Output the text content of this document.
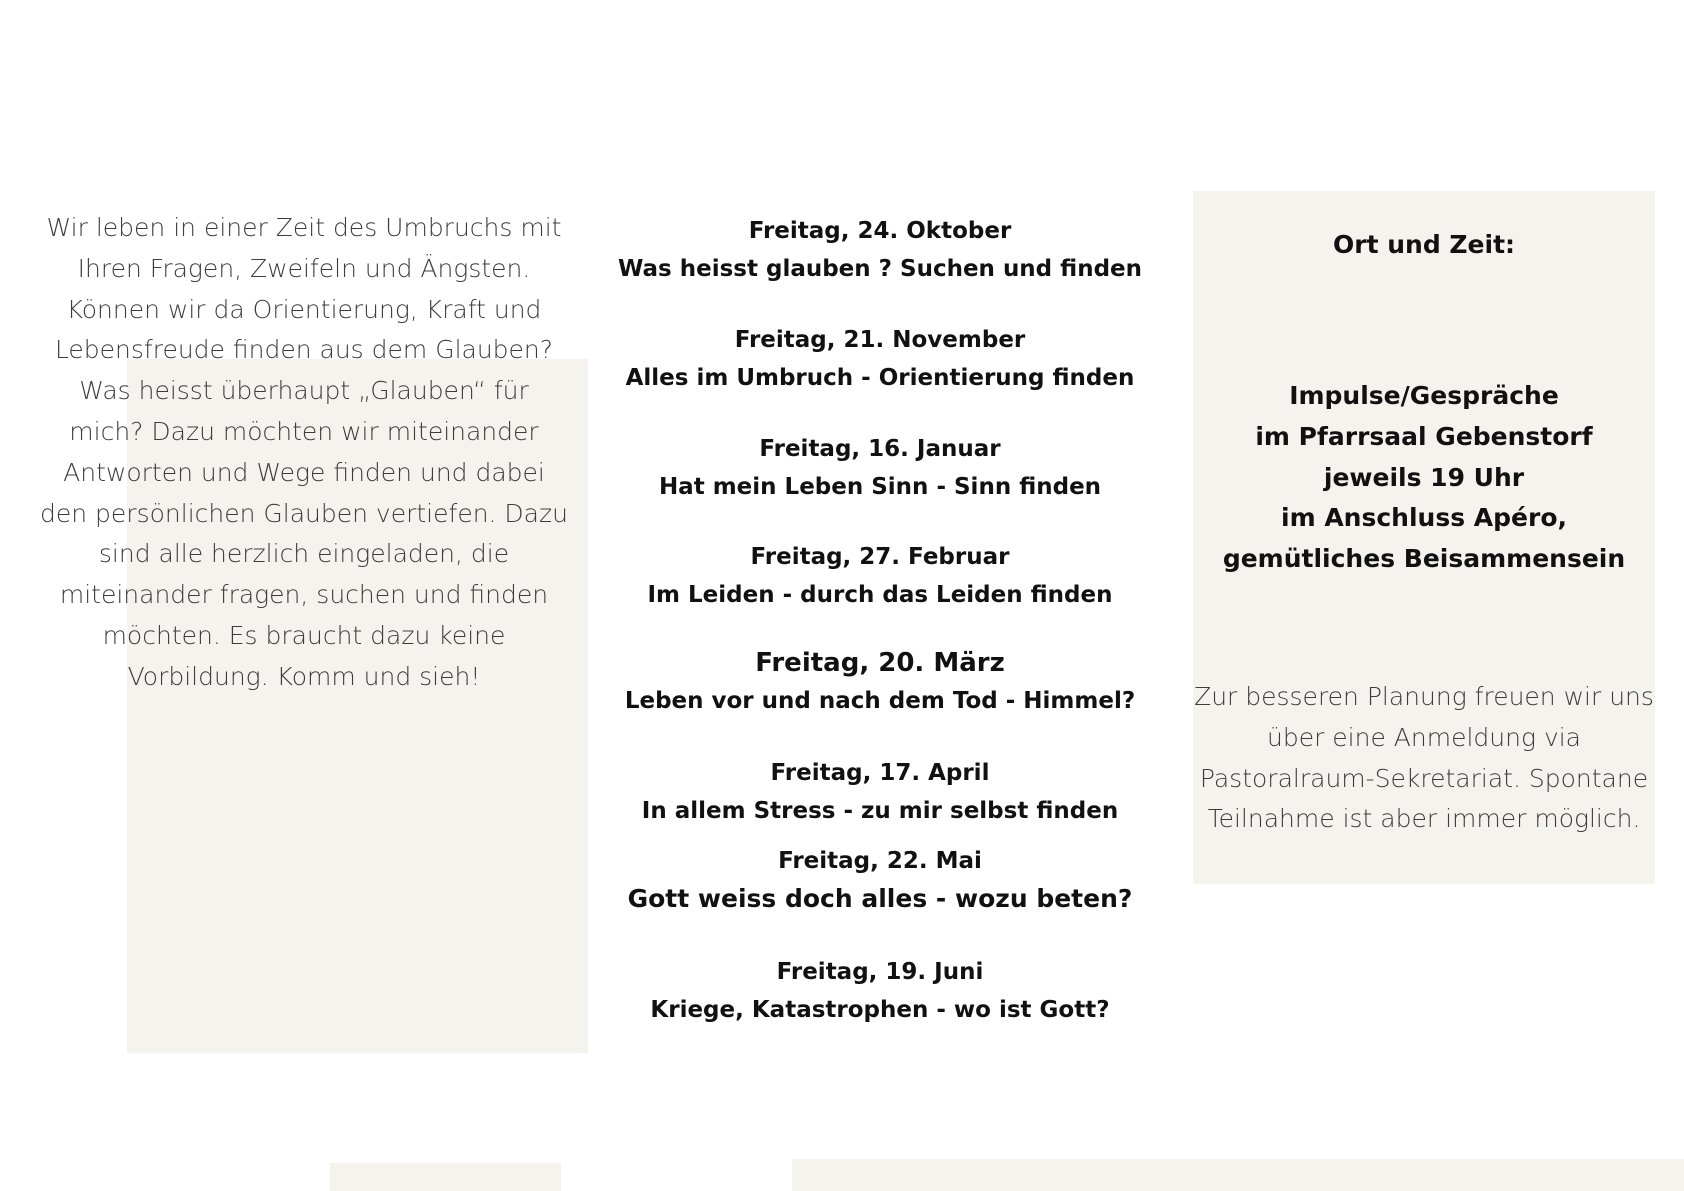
Wir leben in einer Zeit des Umbruchs mit Ihren Fragen, Zweifeln und Ängsten. Können wir da Orientierung, Kraft und Lebensfreude finden aus dem Glauben? Was heisst überhaupt „Glauben“ für mich? Dazu möchten wir miteinander Antworten und Wege finden und dabei den persönlichen Glauben vertiefen. Dazu sind alle herzlich eingeladen, die miteinander fragen, suchen und finden möchten. Es braucht dazu keine Vorbildung. Komm und sieh!

Freitag, 24. Oktober
Was heisst glauben ? Suchen und finden
Freitag, 21. November
Alles im Umbruch - Orientierung finden
Freitag, 16. Januar
Hat mein Leben Sinn - Sinn finden
Freitag, 27. Februar
Im Leiden - durch das Leiden finden
Freitag, 20. März
Leben vor und nach dem Tod - Himmel?
Freitag, 17. April
In allem Stress - zu mir selbst finden
Freitag, 22. Mai
Gott weiss doch alles - wozu beten?
Freitag, 19. Juni
Kriege, Katastrophen - wo ist Gott?

Ort und Zeit:

Impulse/Gespräche
im Pfarrsaal Gebenstorf
jeweils 19 Uhr
im Anschluss Apéro,
gemütliches Beisammensein

Zur besseren Planung freuen wir uns über eine Anmeldung via Pastoralraum-Sekretariat. Spontane Teilnahme ist aber immer möglich.
